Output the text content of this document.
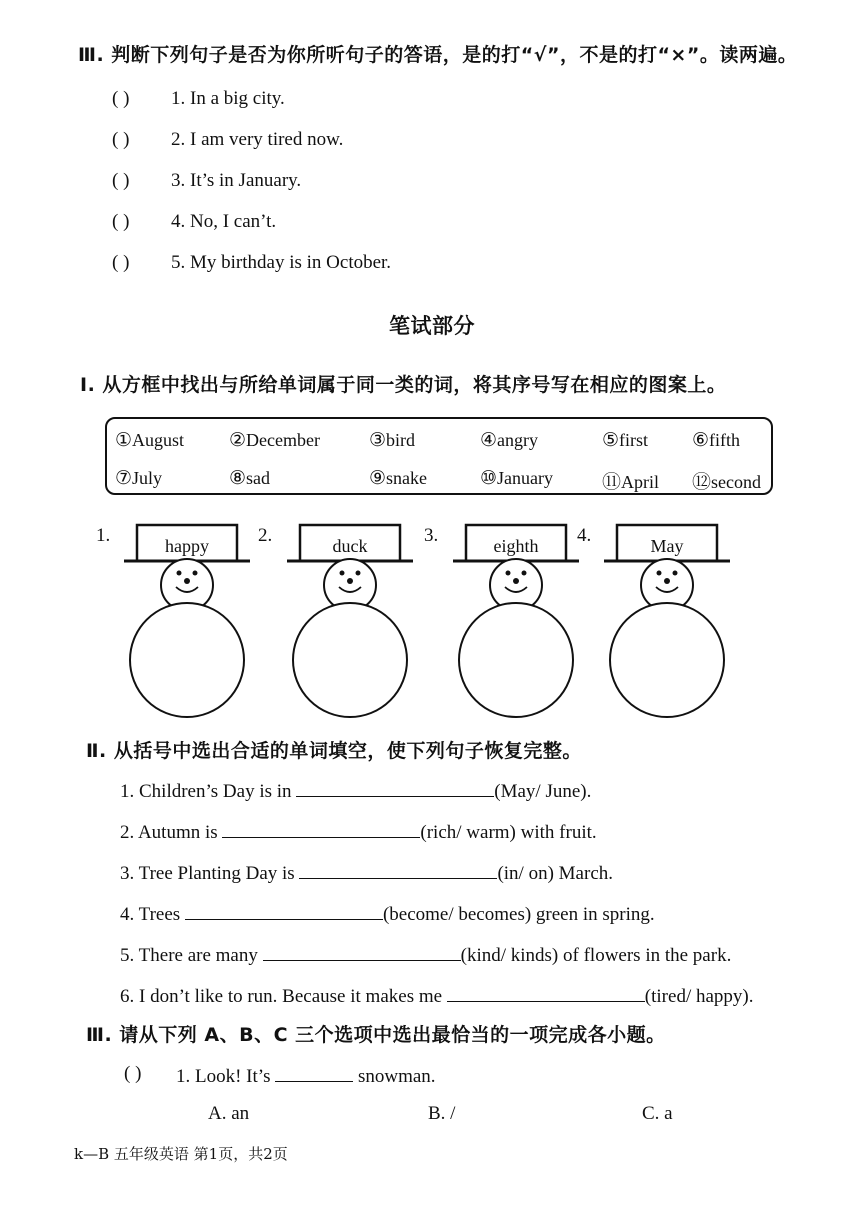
Ⅲ. 判断下列句子是否为你所听句子的答语，是的打“√”，不是的打“×”。读两遍。
( ) 1. In a big city.
( ) 2. I am very tired now.
( ) 3. It’s in January.
( ) 4. No, I can’t.
( ) 5. My birthday is in October.
笔试部分
Ⅰ. 从方框中找出与所给单词属于同一类的词，将其序号写在相应的图案上。
①August ②December	③bird	④angry	⑤first ⑥fifth
⑦July	⑧sad	⑨snake	⑩January	⑪April ⑫second
1.	happy	2.	duck	3.	eighth	4.	May
Ⅱ. 从括号中选出合适的单词填空，使下列句子恢复完整。
1. Children’s Day is in	(May/ June).
2. Autumn is	(rich/ warm) with fruit.
3. Tree Planting Day is	(in/ on) March.
4. Trees	(become/ becomes) green in spring.
5. There are many	(kind/ kinds) of flowers in the park.
6. I don’t like to run. Because it makes me	(tired/ happy).
Ⅲ. 请从下列 A、B、C 三个选项中选出最恰当的一项完成各小题。
( ) 1. Look! It’s	snowman.
A. an	B. /	C. a
k—B 五年级英语 第1页，共2页
